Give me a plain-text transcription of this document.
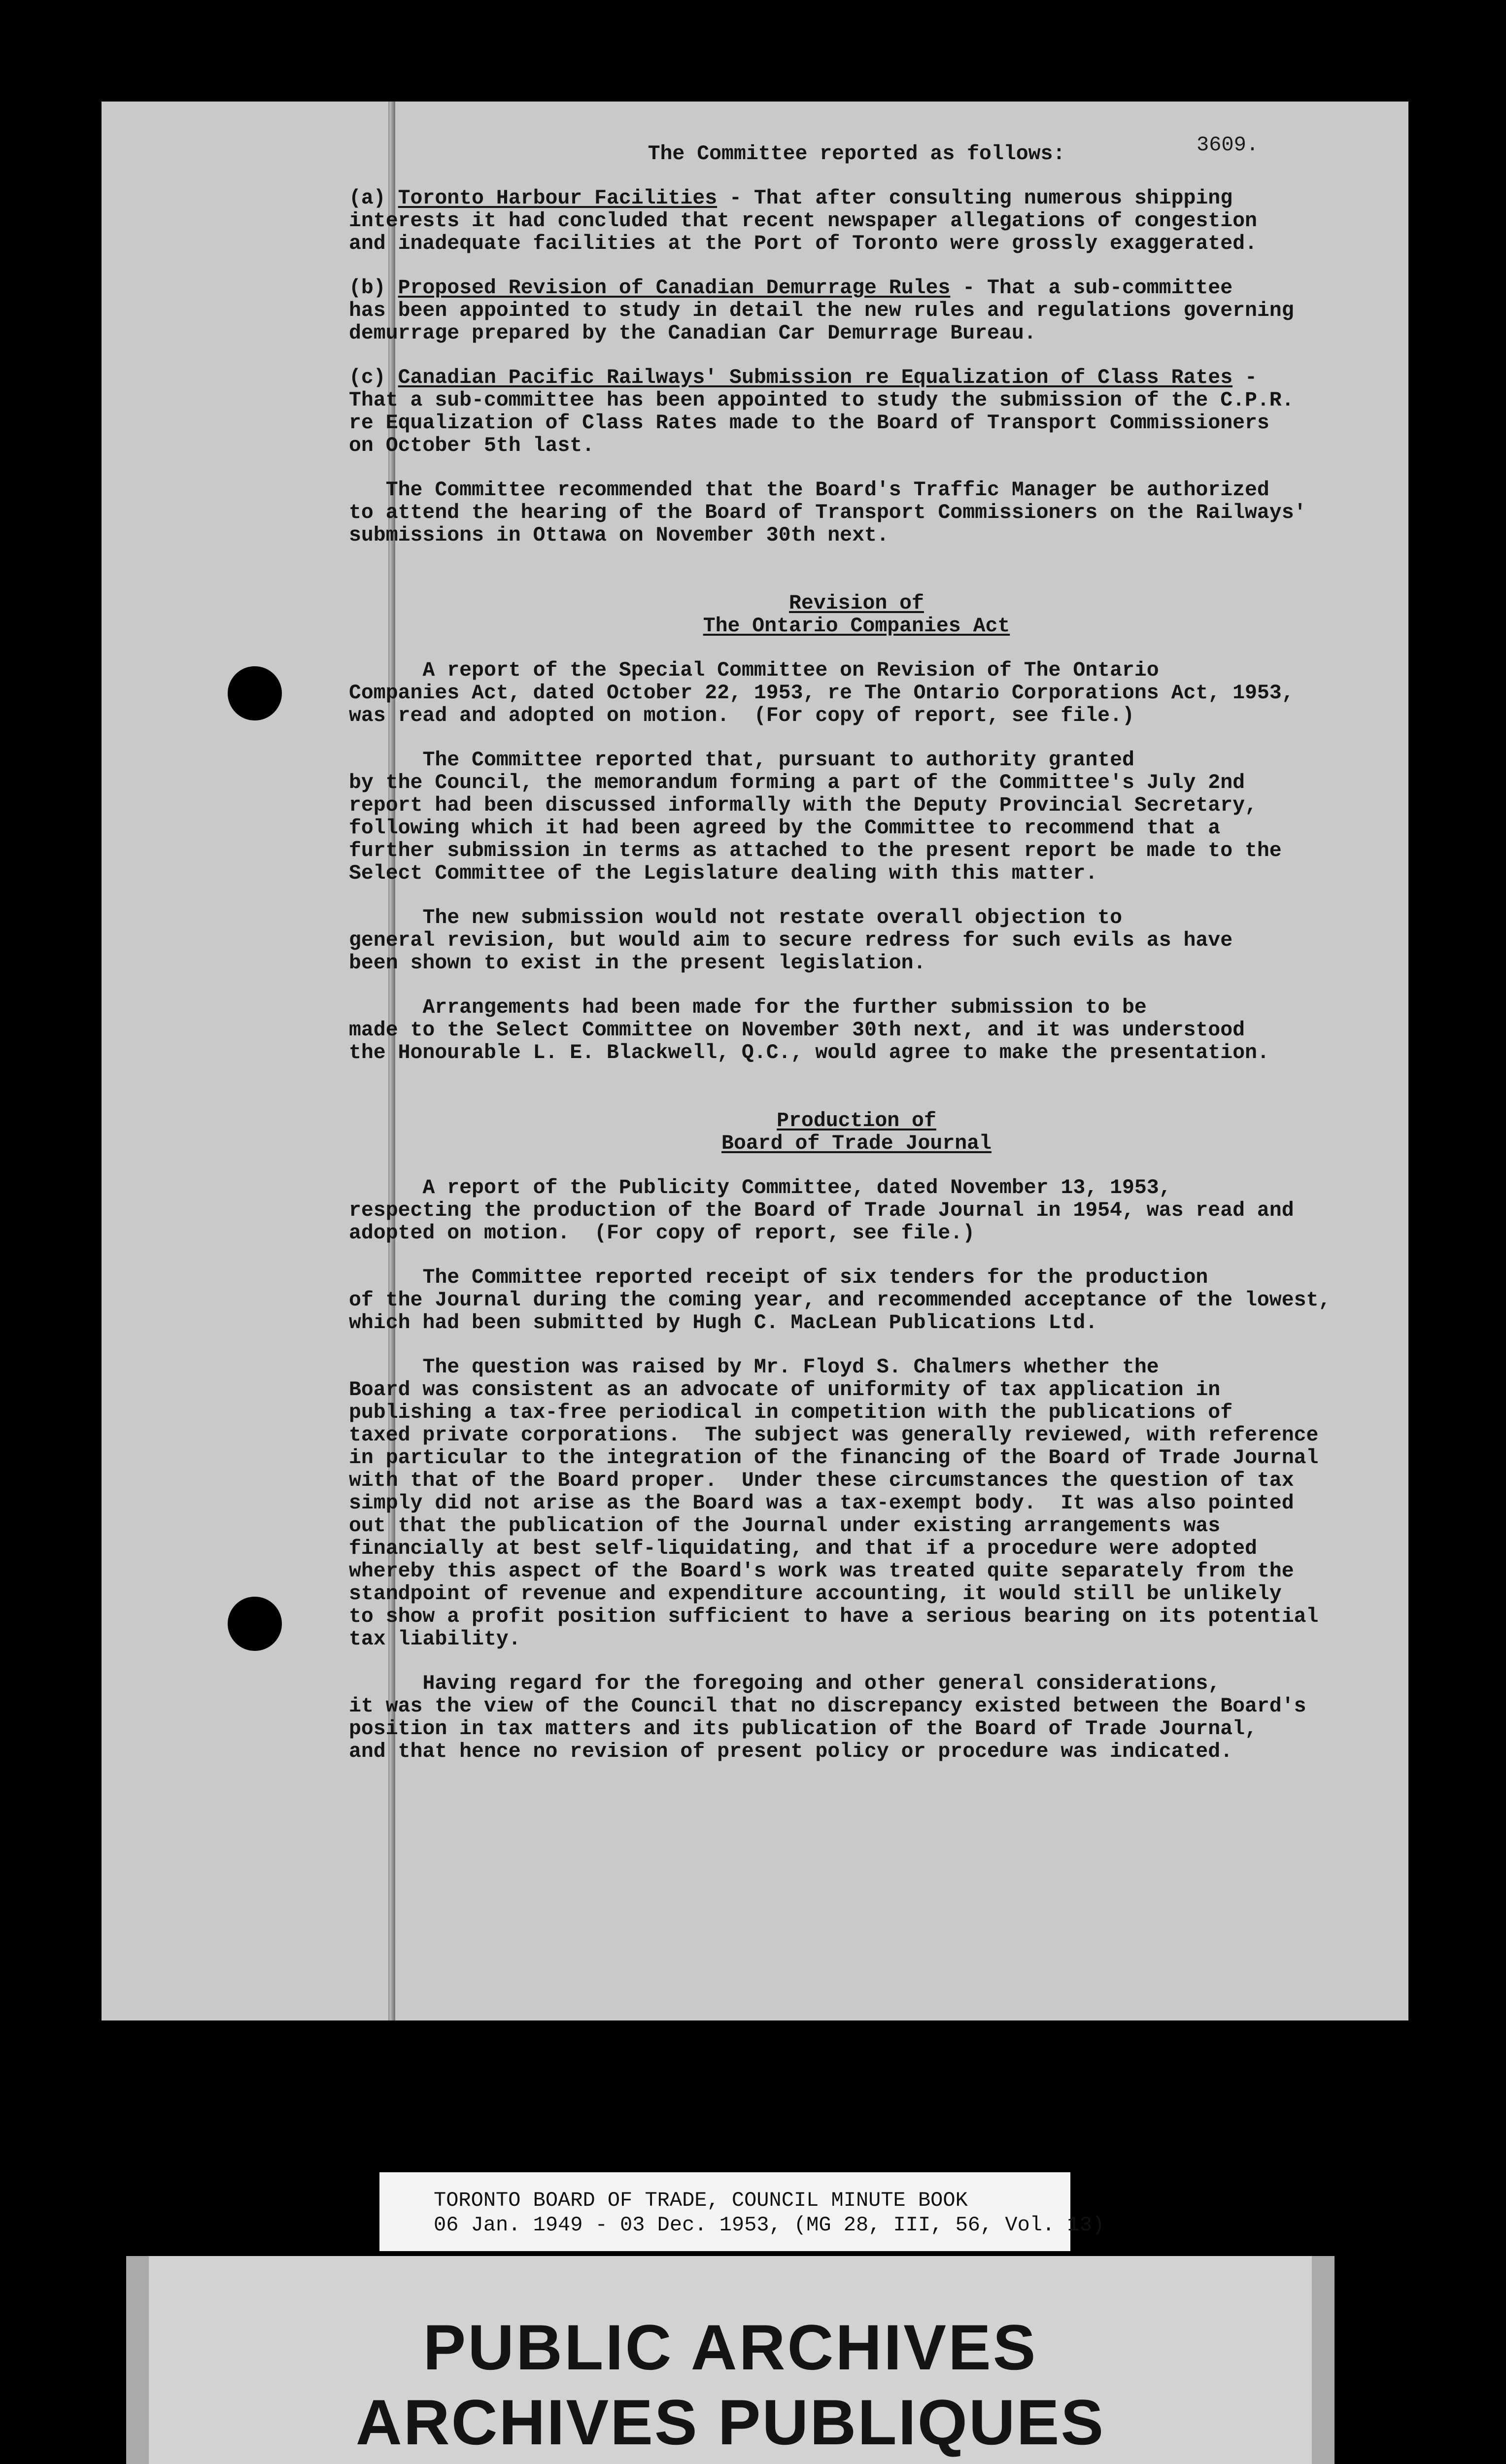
3609.

The Committee reported as follows:

(a) Toronto Harbour Facilities - That after consulting numerous shipping

interests it had concluded that recent newspaper allegations of congestion

and inadequate facilities at the Port of Toronto were grossly exaggerated.

(b) Proposed Revision of Canadian Demurrage Rules - That a sub-committee

has been appointed to study in detail the new rules and regulations governing

demurrage prepared by the Canadian Car Demurrage Bureau.

(c) Canadian Pacific Railways' Submission re Equalization of Class Rates -

That a sub-committee has been appointed to study the submission of the C.P.R.

re Equalization of Class Rates made to the Board of Transport Commissioners

on October 5th last.

The Committee recommended that the Board's Traffic Manager be authorized

to attend the hearing of the Board of Transport Commissioners on the Railways'

submissions in Ottawa on November 30th next.

Revision of
The Ontario Companies Act

A report of the Special Committee on Revision of The Ontario

Companies Act, dated October 22, 1953, re The Ontario Corporations Act, 1953,

was read and adopted on motion.  (For copy of report, see file.)

The Committee reported that, pursuant to authority granted

by the Council, the memorandum forming a part of the Committee's July 2nd

report had been discussed informally with the Deputy Provincial Secretary,

following which it had been agreed by the Committee to recommend that a

further submission in terms as attached to the present report be made to the

Select Committee of the Legislature dealing with this matter.

The new submission would not restate overall objection to

general revision, but would aim to secure redress for such evils as have

been shown to exist in the present legislation.

Arrangements had been made for the further submission to be

made to the Select Committee on November 30th next, and it was understood

the Honourable L. E. Blackwell, Q.C., would agree to make the presentation.

Production of
Board of Trade Journal

A report of the Publicity Committee, dated November 13, 1953,

respecting the production of the Board of Trade Journal in 1954, was read and

adopted on motion.  (For copy of report, see file.)

The Committee reported receipt of six tenders for the production

of the Journal during the coming year, and recommended acceptance of the lowest,

which had been submitted by Hugh C. MacLean Publications Ltd.

The question was raised by Mr. Floyd S. Chalmers whether the

Board was consistent as an advocate of uniformity of tax application in

publishing a tax-free periodical in competition with the publications of

taxed private corporations.  The subject was generally reviewed, with reference

in particular to the integration of the financing of the Board of Trade Journal

with that of the Board proper.  Under these circumstances the question of tax

simply did not arise as the Board was a tax-exempt body.  It was also pointed

out that the publication of the Journal under existing arrangements was

financially at best self-liquidating, and that if a procedure were adopted

whereby this aspect of the Board's work was treated quite separately from the

standpoint of revenue and expenditure accounting, it would still be unlikely

to show a profit position sufficient to have a serious bearing on its potential

tax liability.

Having regard for the foregoing and other general considerations,

it was the view of the Council that no discrepancy existed between the Board's

position in tax matters and its publication of the Board of Trade Journal,

and that hence no revision of present policy or procedure was indicated.

TORONTO BOARD OF TRADE, COUNCIL MINUTE BOOK
06 Jan. 1949 - 03 Dec. 1953, (MG 28, III, 56, Vol. 13)
PUBLIC ARCHIVES
ARCHIVES PUBLIQUES
